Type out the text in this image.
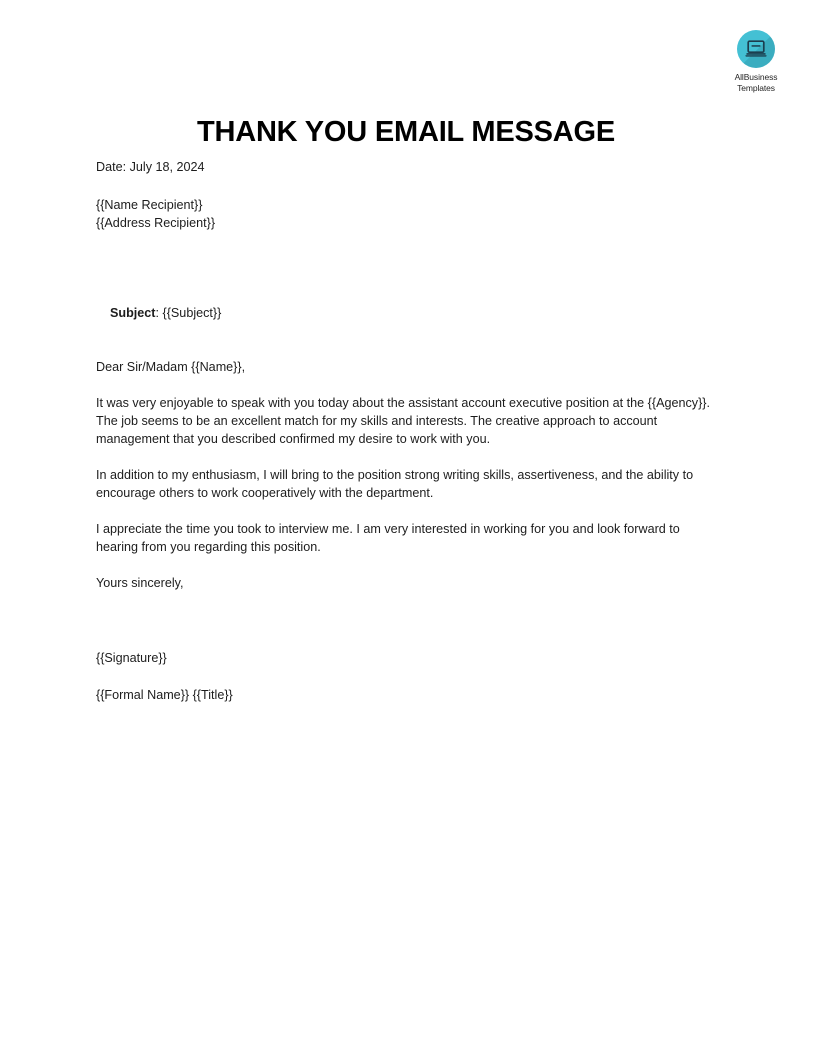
AllBusiness
Templates
THANK YOU EMAIL MESSAGE
Date: July 18, 2024
{{Name Recipient}}
{{Address Recipient}}

Subject: {{Subject}}

Dear Sir/Madam {{Name}},
It was very enjoyable to speak with you today about the assistant account executive position at the {{Agency}}. The job seems to be an excellent match for my skills and interests. The creative approach to account management that you described confirmed my desire to work with you.
In addition to my enthusiasm, I will bring to the position strong writing skills, assertiveness, and the ability to encourage others to work cooperatively with the department.
I appreciate the time you took to interview me. I am very interested in working for you and look forward to hearing from you regarding this position.
Yours sincerely,
{{Signature}}
{{Formal Name}} {{Title}}
